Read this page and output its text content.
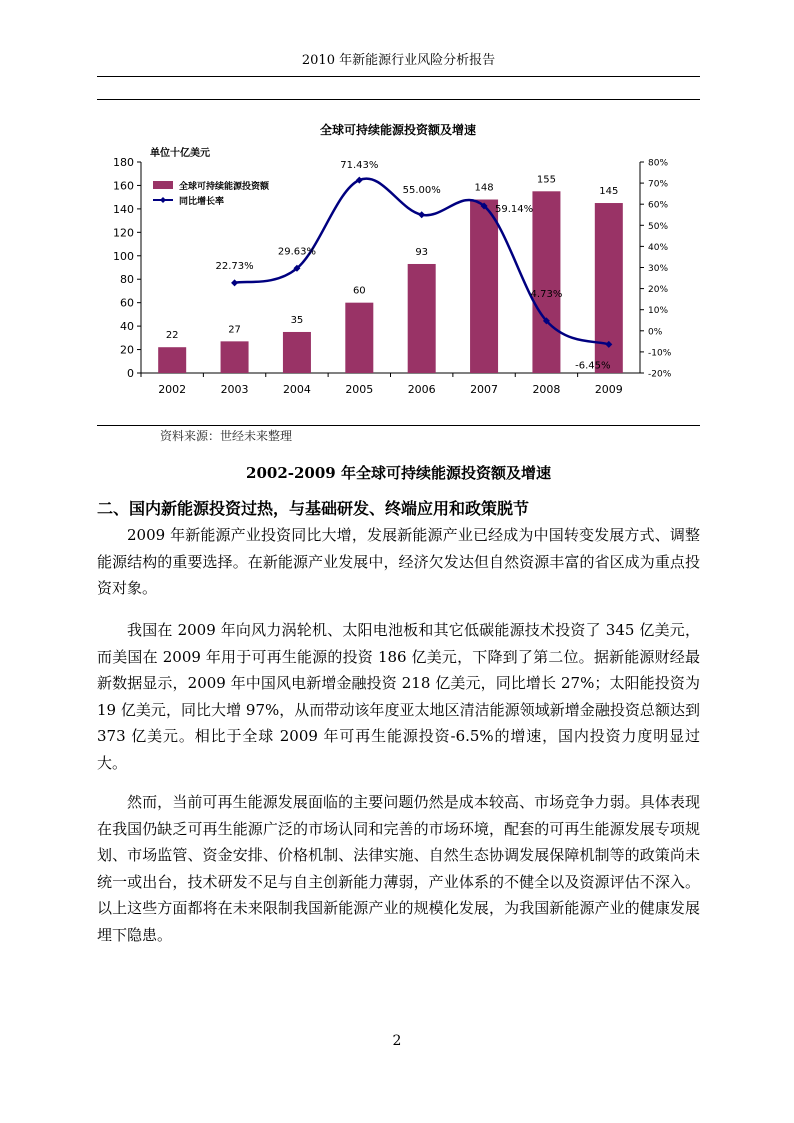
2010 年新能源行业风险分析报告
全球可持续能源投资额及增速
单位十亿美元
全球可持续能源投资额
同比增长率
0
20
40
60
80
100
120
140
160
180
-20%
-10%
0%
10%
20%
30%
40%
50%
60%
70%
80%
2002	2003	2004	2005	2006	2007	2008	2009
22
27
35
60
93
148
155
145
22.73%
29.63%
71.43%
55.00%
59.14%
4.73%
-6.45%
资料来源：世经未来整理
2002-2009 年全球可持续能源投资额及增速
二、国内新能源投资过热，与基础研发、终端应用和政策脱节

2009 年新能源产业投资同比大增，发展新能源产业已经成为中国转变发展方式、调整能源结构的重要选择。在新能源产业发展中，经济欠发达但自然资源丰富的省区成为重点投资对象。

我国在 2009 年向风力涡轮机、太阳电池板和其它低碳能源技术投资了 345 亿美元，而美国在 2009 年用于可再生能源的投资 186 亿美元，下降到了第二位。据新能源财经最新数据显示，2009 年中国风电新增金融投资 218 亿美元，同比增长 27%；太阳能投资为 19 亿美元，同比大增 97%，从而带动该年度亚太地区清洁能源领域新增金融投资总额达到 373 亿美元。相比于全球 2009 年可再生能源投资-6.5%的增速，国内投资力度明显过大。

然而，当前可再生能源发展面临的主要问题仍然是成本较高、市场竞争力弱。具体表现在我国仍缺乏可再生能源广泛的市场认同和完善的市场环境，配套的可再生能源发展专项规划、市场监管、资金安排、价格机制、法律实施、自然生态协调发展保障机制等的政策尚未统一或出台，技术研发不足与自主创新能力薄弱，产业体系的不健全以及资源评估不深入。以上这些方面都将在未来限制我国新能源产业的规模化发展，为我国新能源产业的健康发展埋下隐患。

2
